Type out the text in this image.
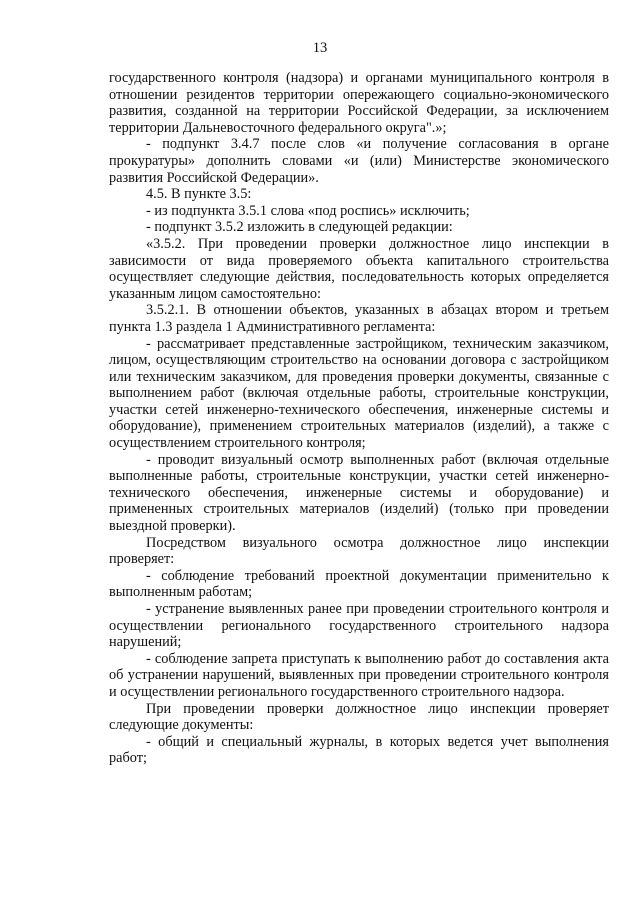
13

государственного контроля (надзора) и органами муниципального контроля в отношении резидентов территории опережающего социально-экономического развития, созданной на территории Российской Федерации, за исключением территории Дальневосточного федерального округа".»;

- подпункт 3.4.7 после слов «и получение согласования в органе прокуратуры» дополнить словами «и (или) Министерстве экономического развития Российской Федерации».

4.5. В пункте 3.5:

- из подпункта 3.5.1 слова «под роспись» исключить;

- подпункт 3.5.2 изложить в следующей редакции:

«3.5.2. При проведении проверки должностное лицо инспекции в зависимости от вида проверяемого объекта капитального строительства осуществляет следующие действия, последовательность которых определяется указанным лицом самостоятельно:

3.5.2.1. В отношении объектов, указанных в абзацах втором и третьем пункта 1.3 раздела 1 Административного регламента:

- рассматривает представленные застройщиком, техническим заказчиком, лицом, осуществляющим строительство на основании договора с застройщиком или техническим заказчиком, для проведения проверки документы, связанные с выполнением работ (включая отдельные работы, строительные конструкции, участки сетей инженерно-технического обеспечения, инженерные системы и оборудование), применением строительных материалов (изделий), а также с осуществлением строительного контроля;

- проводит визуальный осмотр выполненных работ (включая отдельные выполненные работы, строительные конструкции, участки сетей инженерно-технического обеспечения, инженерные системы и оборудование) и примененных строительных материалов (изделий) (только при проведении выездной проверки).

Посредством визуального осмотра должностное лицо инспекции проверяет:

- соблюдение требований проектной документации применительно к выполненным работам;

- устранение выявленных ранее при проведении строительного контроля и осуществлении регионального государственного строительного надзора нарушений;

- соблюдение запрета приступать к выполнению работ до составления акта об устранении нарушений, выявленных при проведении строительного контроля и осуществлении регионального государственного строительного надзора.

При проведении проверки должностное лицо инспекции проверяет следующие документы:

- общий и специальный журналы, в которых ведется учет выполнения работ;
